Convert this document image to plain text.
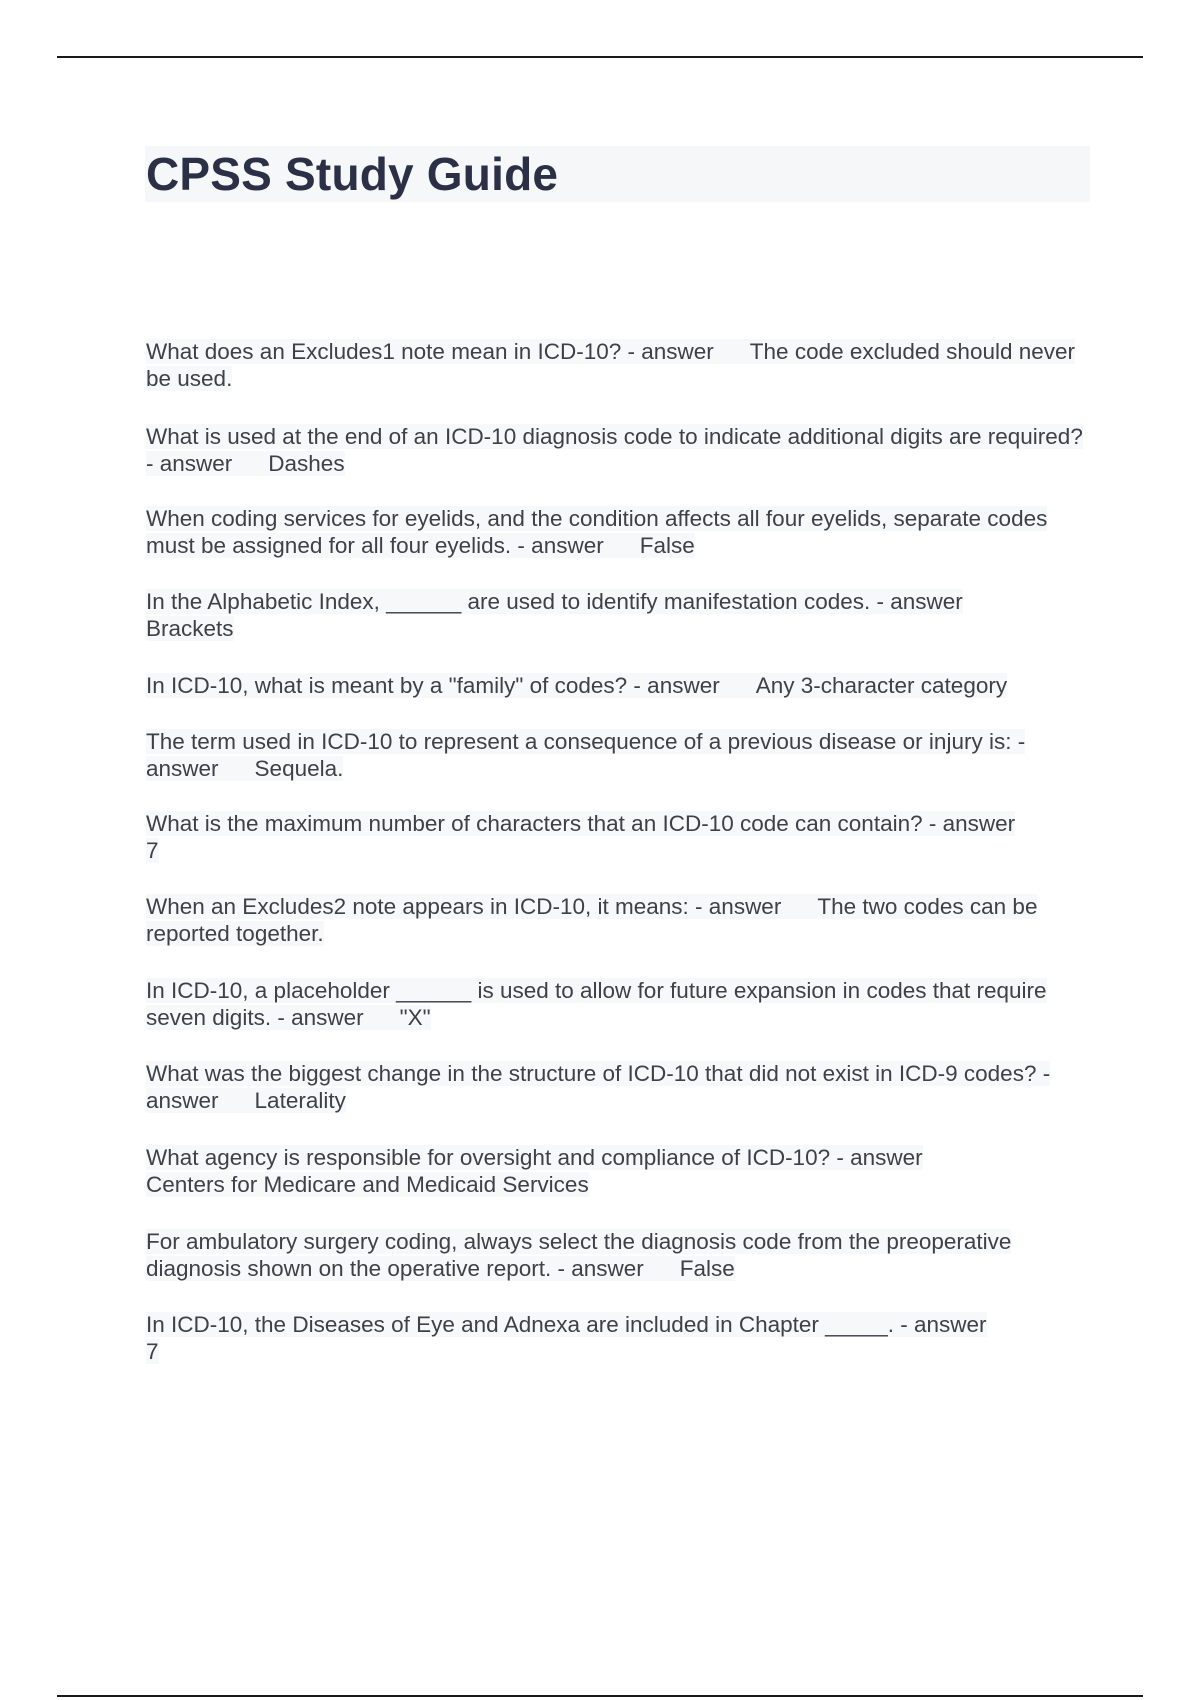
CPSS Study Guide

What does an Excludes1 note mean in ICD-10? - answer The code excluded should never be used.

What is used at the end of an ICD-10 diagnosis code to indicate additional digits are required? - answer Dashes

When coding services for eyelids, and the condition affects all four eyelids, separate codes must be assigned for all four eyelids. - answer False

In the Alphabetic Index, ______ are used to identify manifestation codes. - answer
Brackets

In ICD-10, what is meant by a "family" of codes? - answer Any 3-character category

The term used in ICD-10 to represent a consequence of a previous disease or injury is: - answer Sequela.

What is the maximum number of characters that an ICD-10 code can contain? - answer
7

When an Excludes2 note appears in ICD-10, it means: - answer The two codes can be reported together.

In ICD-10, a placeholder ______ is used to allow for future expansion in codes that require seven digits. - answer "X"

What was the biggest change in the structure of ICD-10 that did not exist in ICD-9 codes? - answer Laterality

What agency is responsible for oversight and compliance of ICD-10? - answer
Centers for Medicare and Medicaid Services

For ambulatory surgery coding, always select the diagnosis code from the preoperative diagnosis shown on the operative report. - answer False

In ICD-10, the Diseases of Eye and Adnexa are included in Chapter _____. - answer
7
